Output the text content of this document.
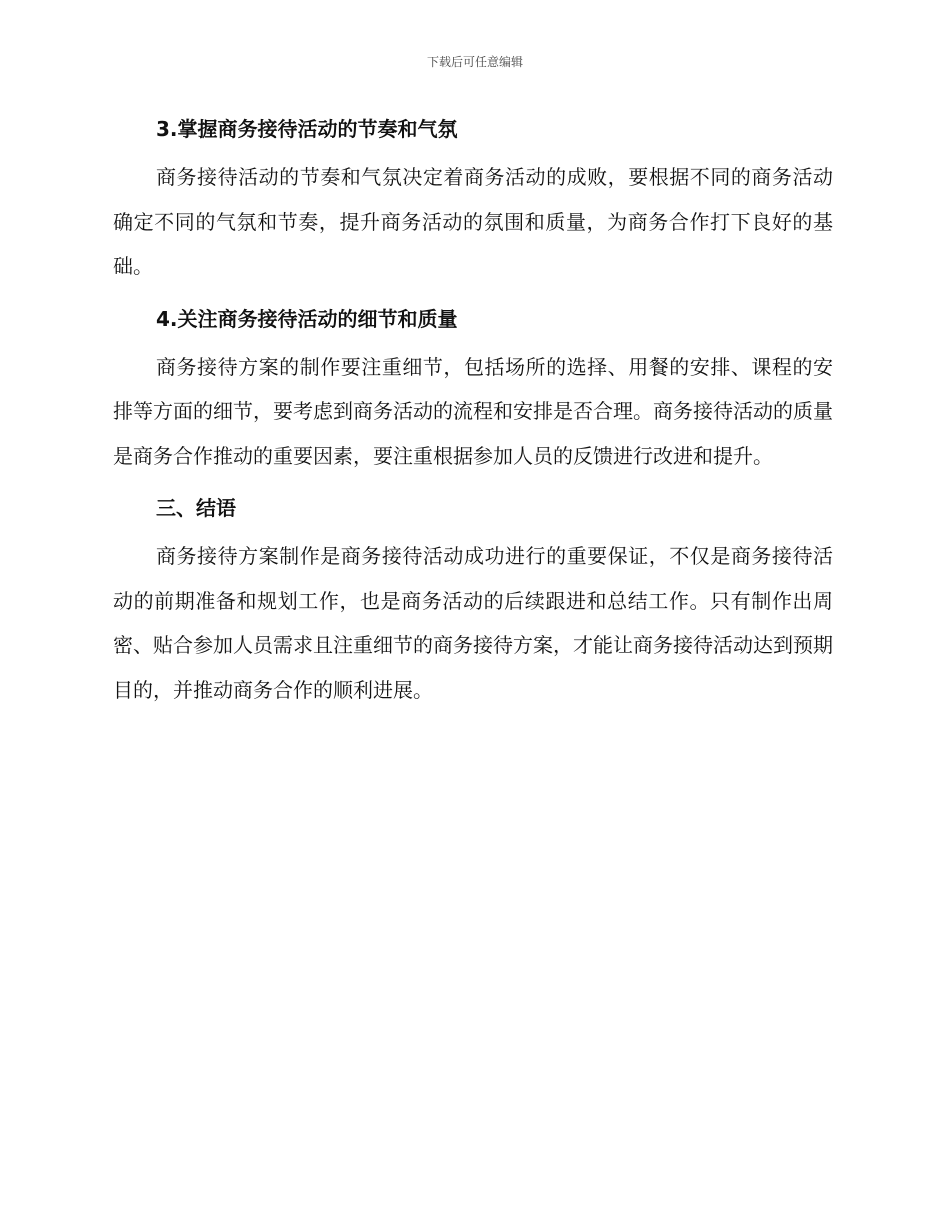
下载后可任意编辑
3.掌握商务接待活动的节奏和气氛

商务接待活动的节奏和气氛决定着商务活动的成败，要根据不同的商务活动确定不同的气氛和节奏，提升商务活动的氛围和质量，为商务合作打下良好的基础。

4.关注商务接待活动的细节和质量

商务接待方案的制作要注重细节，包括场所的选择、用餐的安排、课程的安排等方面的细节，要考虑到商务活动的流程和安排是否合理。商务接待活动的质量是商务合作推动的重要因素，要注重根据参加人员的反馈进行改进和提升。

三、结语

商务接待方案制作是商务接待活动成功进行的重要保证，不仅是商务接待活动的前期准备和规划工作，也是商务活动的后续跟进和总结工作。只有制作出周密、贴合参加人员需求且注重细节的商务接待方案，才能让商务接待活动达到预期目的，并推动商务合作的顺利进展。
